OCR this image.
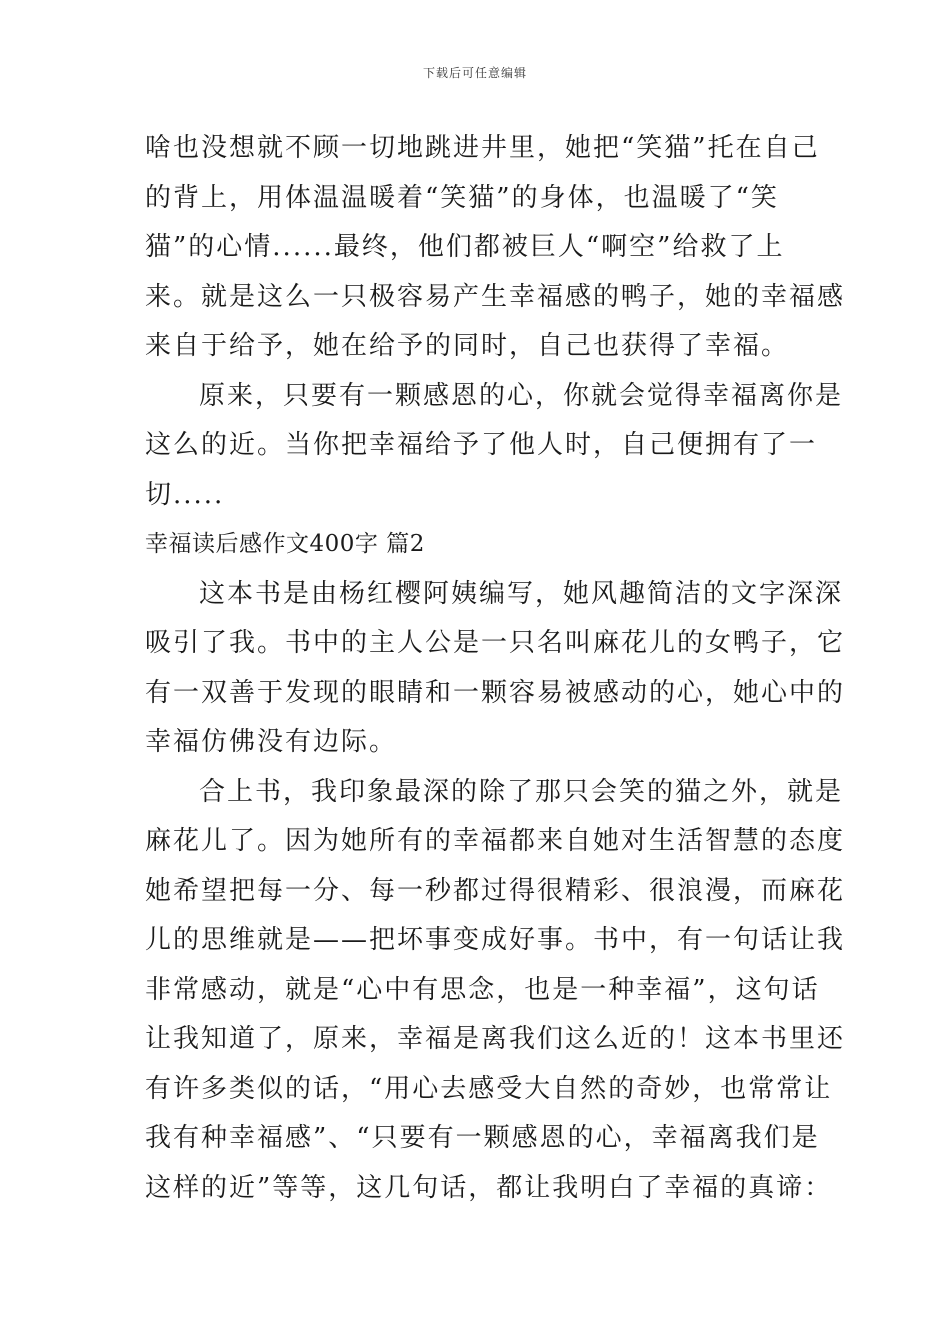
下载后可任意编辑
啥也没想就不顾一切地跳进井里，她把“笑猫”托在自己
的背上，用体温温暖着“笑猫”的身体，也温暖了“笑
猫”的心情......最终，他们都被巨人“啊空”给救了上
来。就是这么一只极容易产生幸福感的鸭子，她的幸福感
来自于给予，她在给予的同时，自己也获得了幸福。
原来，只要有一颗感恩的心，你就会觉得幸福离你是
这么的近。当你把幸福给予了他人时，自己便拥有了一
切.....
幸福读后感作文400字 篇2
这本书是由杨红樱阿姨编写，她风趣简洁的文字深深
吸引了我。书中的主人公是一只名叫麻花儿的女鸭子，它
有一双善于发现的眼睛和一颗容易被感动的心，她心中的
幸福仿佛没有边际。
合上书，我印象最深的除了那只会笑的猫之外，就是
麻花儿了。因为她所有的幸福都来自她对生活智慧的态度
她希望把每一分、每一秒都过得很精彩、很浪漫，而麻花
儿的思维就是——把坏事变成好事。书中，有一句话让我
非常感动，就是“心中有思念，也是一种幸福”，这句话
让我知道了，原来，幸福是离我们这么近的！这本书里还
有许多类似的话，“用心去感受大自然的奇妙，也常常让
我有种幸福感”、“只要有一颗感恩的心，幸福离我们是
这样的近”等等，这几句话，都让我明白了幸福的真谛：
